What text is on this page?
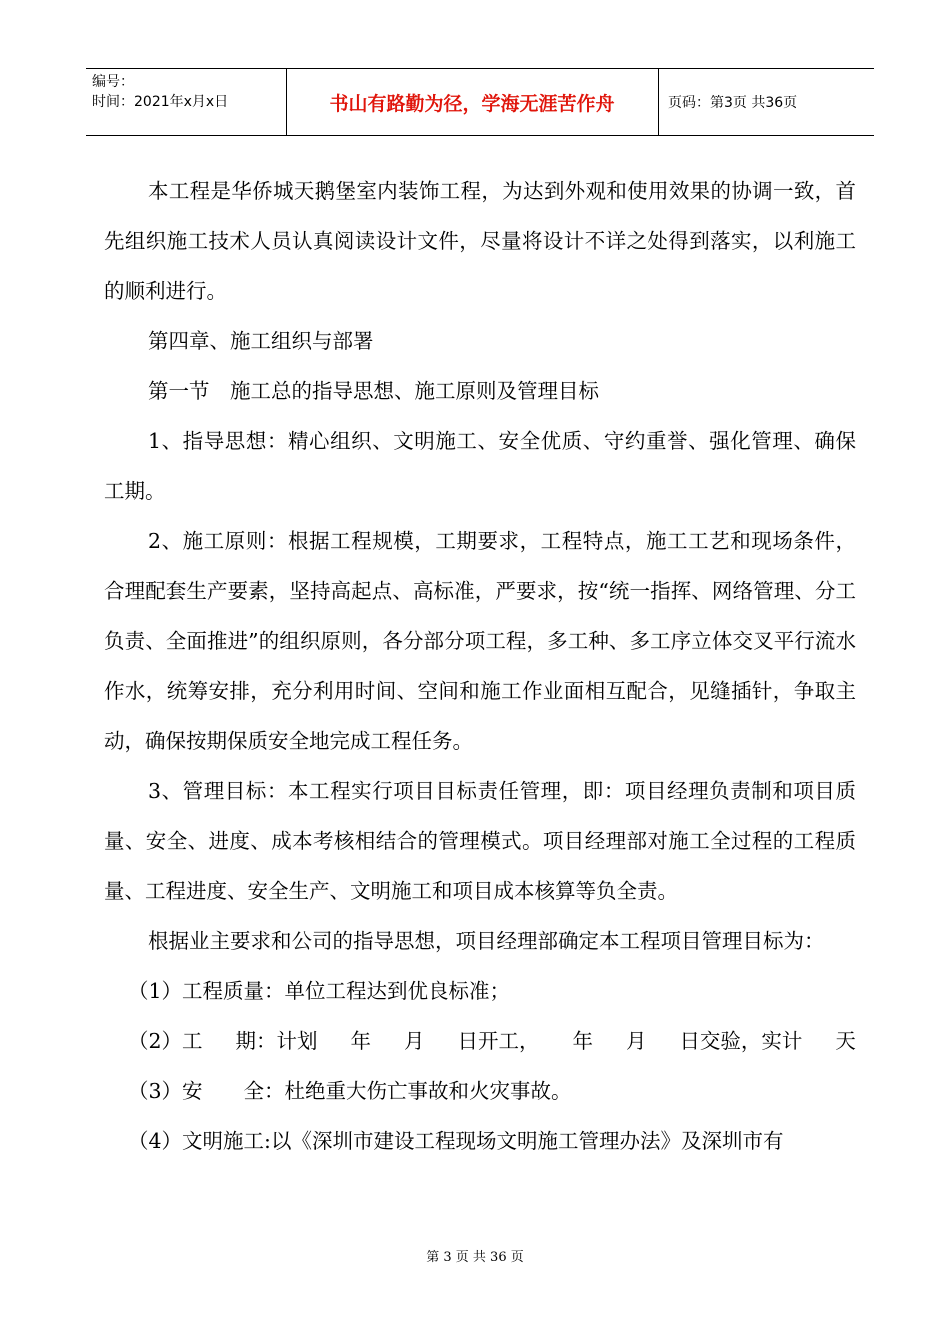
编号：
时间：2021年x月x日	书山有路勤为径，学海无涯苦作舟	页码：第3页 共36页

本工程是华侨城天鹅堡室内装饰工程，为达到外观和使用效果的协调一致，首先组织施工技术人员认真阅读设计文件，尽量将设计不详之处得到落实，以利施工的顺利进行。

第四章、施工组织与部署

第一节　施工总的指导思想、施工原则及管理目标

1、指导思想：精心组织、文明施工、安全优质、守约重誉、强化管理、确保工期。

2、施工原则：根据工程规模，工期要求，工程特点，施工工艺和现场条件，合理配套生产要素，坚持高起点、高标准，严要求，按“统一指挥、网络管理、分工负责、全面推进”的组织原则，各分部分项工程，多工种、多工序立体交叉平行流水作水，统筹安排，充分利用时间、空间和施工作业面相互配合，见缝插针，争取主动，确保按期保质安全地完成工程任务。

3、管理目标：本工程实行项目目标责任管理，即：项目经理负责制和项目质量、安全、进度、成本考核相结合的管理模式。项目经理部对施工全过程的工程质量、工程进度、安全生产、文明施工和项目成本核算等负全责。

根据业主要求和公司的指导思想，项目经理部确定本工程项目管理目标为：

（1）工程质量：单位工程达到优良标准；

（2）工 期：计划 年 月 日开工， 年 月 日交验，实计 天

（3）安　　全：杜绝重大伤亡事故和火灾事故。

（4）文明施工:以《深圳市建设工程现场文明施工管理办法》及深圳市有

第 3 页 共 36 页
